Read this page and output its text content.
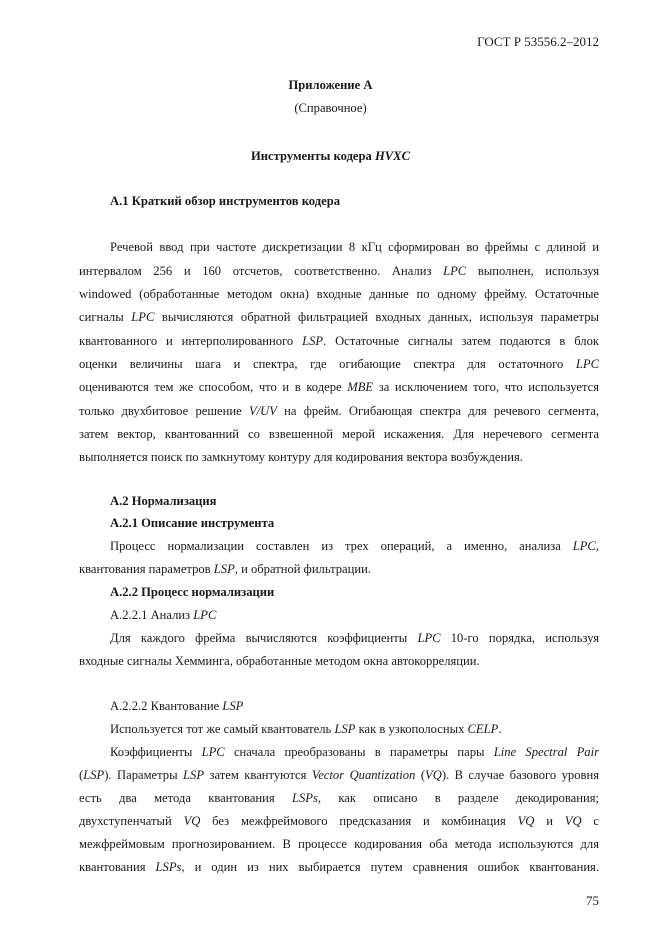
ГОСТ Р 53556.2–2012
Приложение А
(Справочное)
Инструменты кодера HVXC
A.1 Краткий обзор инструментов кодера
Речевой ввод при частоте дискретизации 8 кГц сформирован во фреймы с длиной и
интервалом 256 и 160 отсчетов, соответственно. Анализ LPC выполнен, используя
windowed (обработанные методом окна) входные данные по одному фрейму. Остаточные
сигналы LPC вычисляются обратной фильтрацией входных данных, используя параметры
квантованного и интерполированного LSP. Остаточные сигналы затем подаются в блок
оценки величины шага и спектра, где огибающие спектра для остаточного LPC
оцениваются тем же способом, что и в кодере MBE за исключением того, что используется
только двухбитовое решение V/UV на фрейм. Огибающая спектра для речевого сегмента,
затем вектор, квантованний со взвешенной мерой искажения. Для неречевого сегмента
выполняется поиск по замкнутому контуру для кодирования вектора возбуждения.
A.2 Нормализация
A.2.1 Описание инструмента
Процесс нормализации составлен из трех операций, а именно, анализа LPC,
квантования параметров LSP, и обратной фильтрации.
A.2.2 Процесс нормализации
A.2.2.1 Анализ LPC
Для каждого фрейма вычисляются коэффициенты LPC 10-го порядка, используя
входные сигналы Хемминга, обработанные методом окна автокорреляции.
A.2.2.2 Квантование LSP
Используется тот же самый квантователь LSP как в узкополосных CELP.
Коэффициенты LPC сначала преобразованы в параметры пары Line Spectral Pair
(LSP). Параметры LSP затем квантуются Vector Quantization (VQ). В случае базового уровня
есть два метода квантования LSPs, как описано в разделе декодирования;
двухступенчатый VQ без межфреймового предсказания и комбинация VQ и VQ с
межфреймовым прогнозированием. В процессе кодирования оба метода используются для
квантования LSPs, и один из них выбирается путем сравнения ошибок квантования.
75
